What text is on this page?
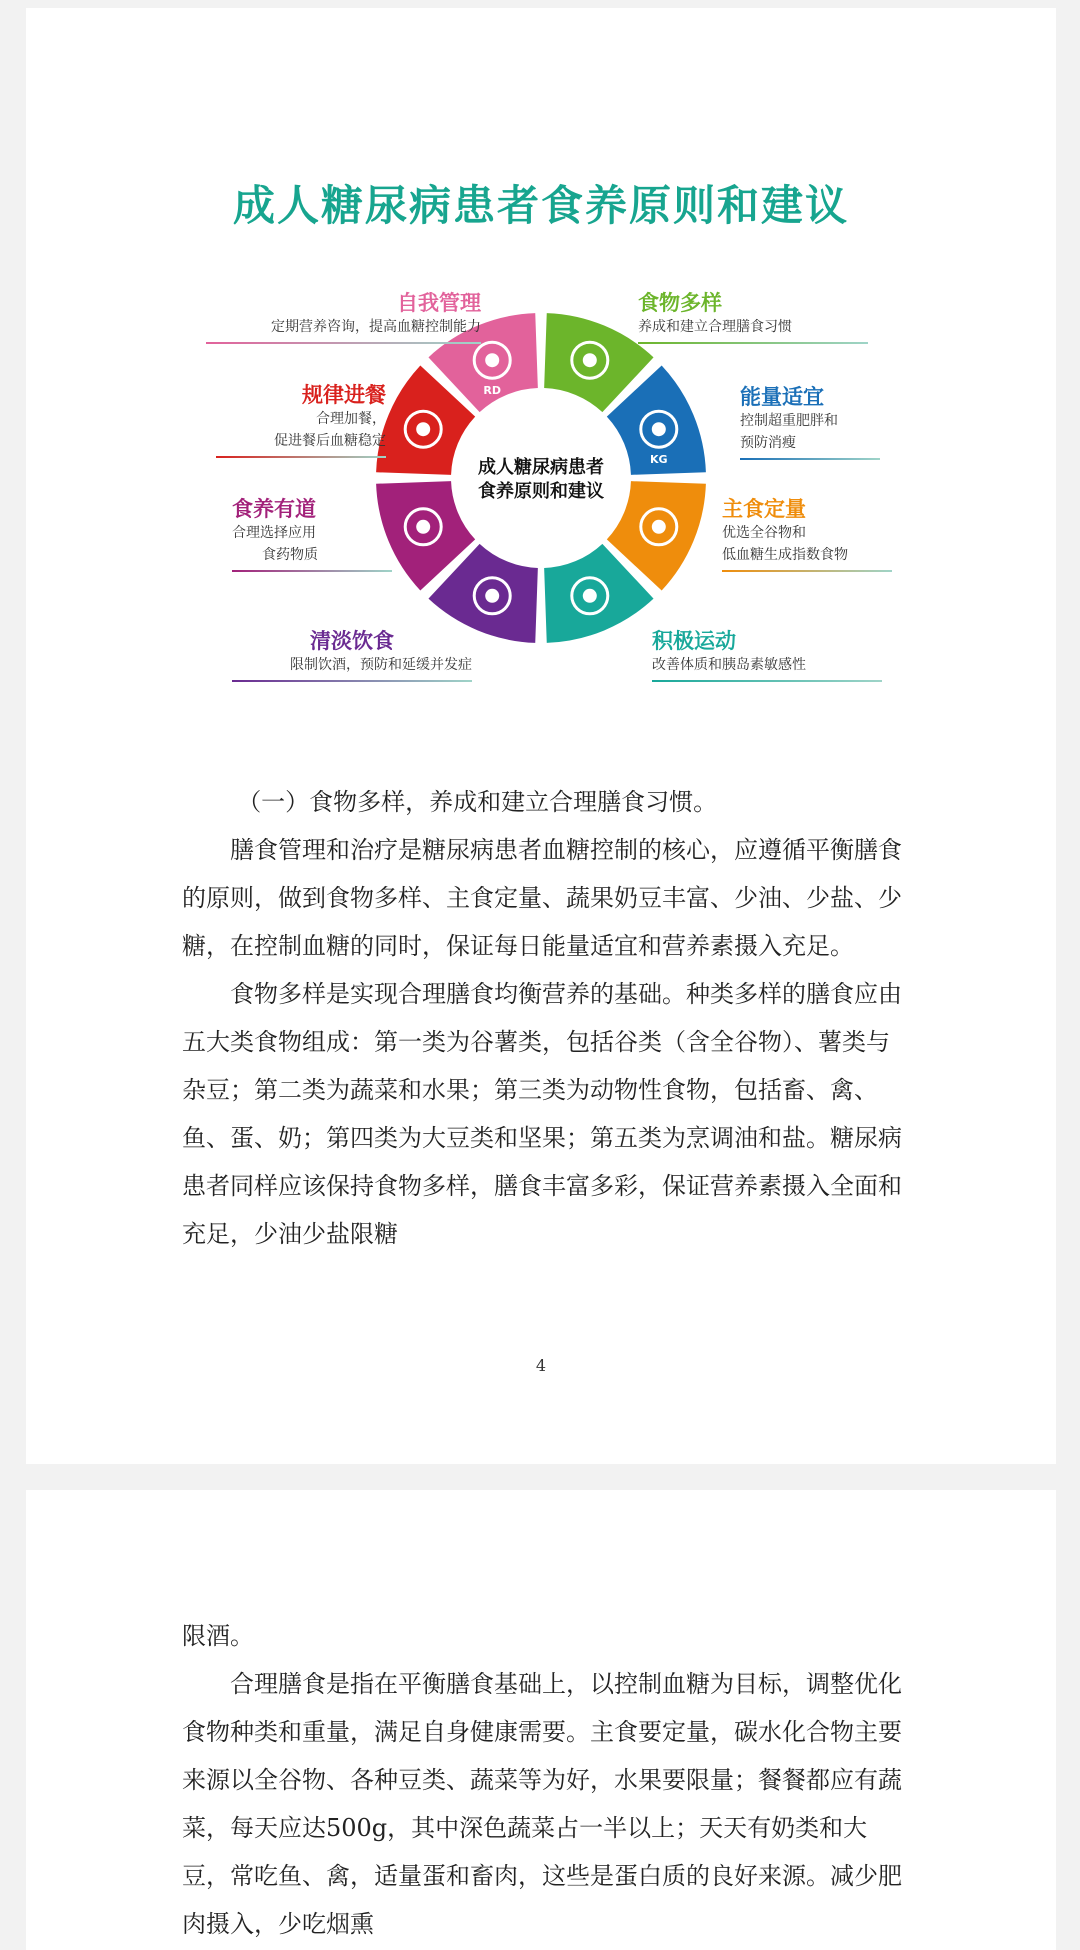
成人糖尿病患者食养原则和建议
KG
RD
成人糖尿病患者
食养原则和建议
自我管理
定期营养咨询，提高血糖控制能力
规律进餐
合理加餐，
促进餐后血糖稳定
食养有道
合理选择应用
食药物质
清淡饮食
限制饮酒，预防和延缓并发症
食物多样
养成和建立合理膳食习惯
能量适宜
控制超重肥胖和
预防消瘦
主食定量
优选全谷物和
低血糖生成指数食物
积极运动
改善体质和胰岛素敏感性

（一）食物多样，养成和建立合理膳食习惯。

膳食管理和治疗是糖尿病患者血糖控制的核心，应遵循平衡膳食的原则，做到食物多样、主食定量、蔬果奶豆丰富、少油、少盐、少糖，在控制血糖的同时，保证每日能量适宜和营养素摄入充足。

食物多样是实现合理膳食均衡营养的基础。种类多样的膳食应由五大类食物组成：第一类为谷薯类，包括谷类（含全谷物）、薯类与杂豆；第二类为蔬菜和水果；第三类为动物性食物，包括畜、禽、鱼、蛋、奶；第四类为大豆类和坚果；第五类为烹调油和盐。糖尿病患者同样应该保持食物多样，膳食丰富多彩，保证营养素摄入全面和充足，少油少盐限糖

4

限酒。

合理膳食是指在平衡膳食基础上，以控制血糖为目标，调整优化食物种类和重量，满足自身健康需要。主食要定量，碳水化合物主要来源以全谷物、各种豆类、蔬菜等为好，水果要限量；餐餐都应有蔬菜，每天应达500g，其中深色蔬菜占一半以上；天天有奶类和大豆，常吃鱼、禽，适量蛋和畜肉，这些是蛋白质的良好来源。减少肥肉摄入，少吃烟熏
